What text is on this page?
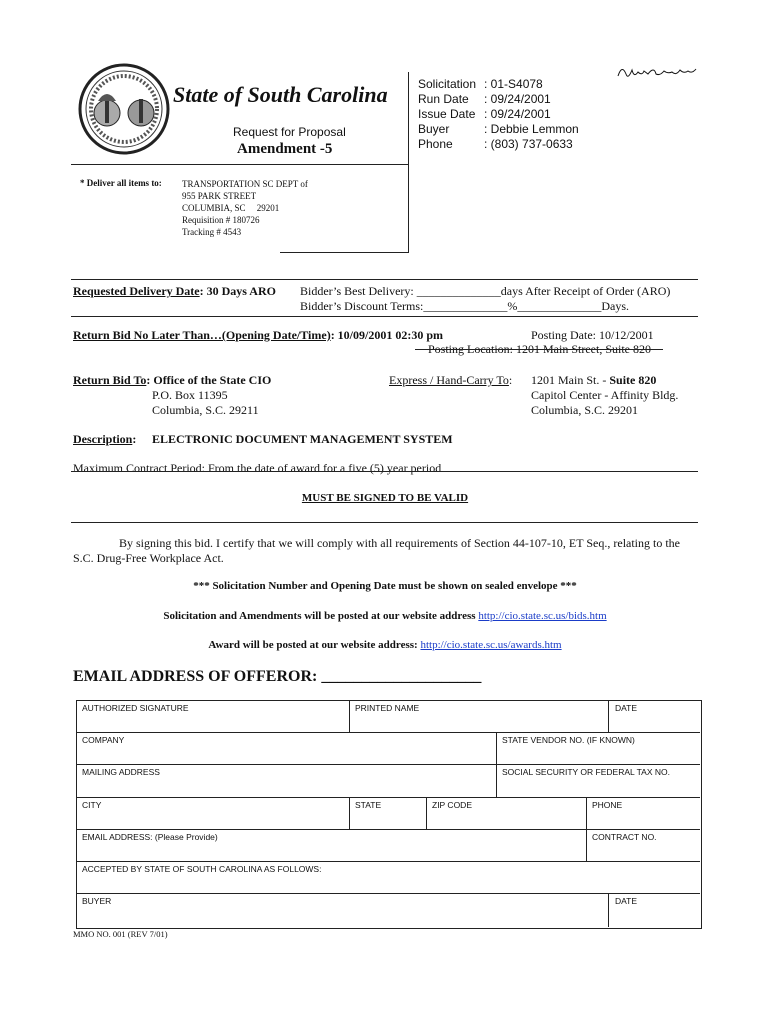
State of South Carolina
Request for Proposal
Amendment -5
Solicitation : 01-S4078
Run Date : 09/24/2001
Issue Date : 09/24/2001
Buyer	: Debbie Lemmon
Phone	: (803) 737-0633
* Deliver all items to: TRANSPORTATION SC DEPT of
955 PARK STREET
COLUMBIA, SC     29201
Requisition # 180726
Tracking # 4543
Requested Delivery Date: 30 Days ARO Bidder’s Best Delivery: ______________days After Receipt of Order (ARO)
Bidder’s Discount Terms:______________%______________Days.
Return Bid No Later Than…(Opening Date/Time): 10/09/2001 02:30 pm	Posting Date: 10/12/2001
Posting Location: 1201 Main Street, Suite 820
Return Bid To: Office of the State CIO
P.O. Box 11395
Columbia, S.C. 29211
Express / Hand-Carry To: 1201 Main St. - Suite 820
Capitol Center - Affinity Bldg.
Columbia, S.C. 29201
Description: ELECTRONIC DOCUMENT MANAGEMENT SYSTEM
Maximum Contract Period: From the date of award for a five (5) year period
MUST BE SIGNED TO BE VALID
By signing this bid. I certify that we will comply with all requirements of Section 44-107-10, ET Seq., relating to the S.C. Drug-Free Workplace Act.
*** Solicitation Number and Opening Date must be shown on sealed envelope ***
Solicitation and Amendments will be posted at our website address http://cio.state.sc.us/bids.htm
Award will be posted at our website address: http://cio.state.sc.us/awards.htm
EMAIL ADDRESS OF OFFEROR: ____________________
AUTHORIZED SIGNATURE	PRINTED NAME	DATE
COMPANY	STATE VENDOR NO. (IF KNOWN)
MAILING ADDRESS	SOCIAL SECURITY OR FEDERAL TAX NO.
CITY	STATE	ZIP CODE	PHONE
EMAIL ADDRESS: (Please Provide)	CONTRACT NO.
ACCEPTED BY STATE OF SOUTH CAROLINA AS FOLLOWS:
BUYER	DATE
MMO NO. 001 (REV 7/01)
